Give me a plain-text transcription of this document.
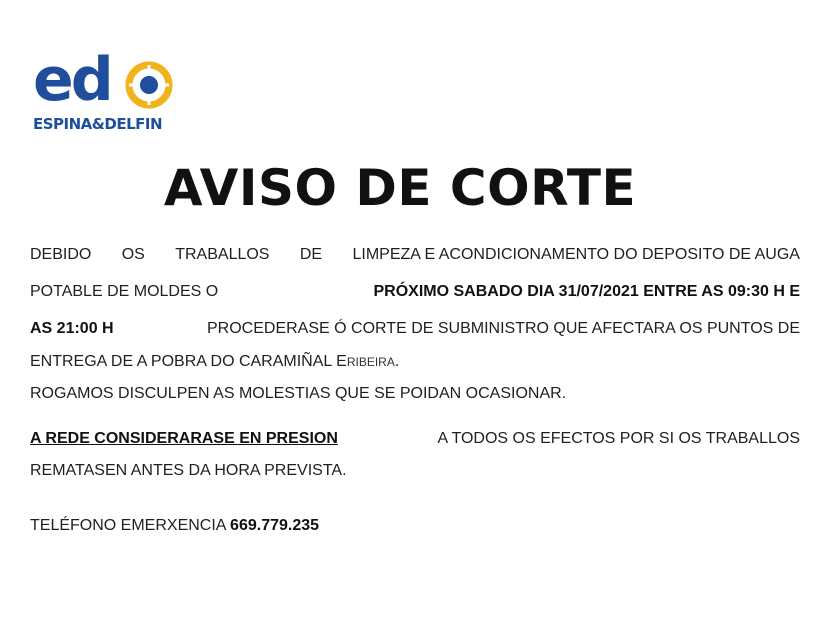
ed
ESPINA&DELFIN
AVISO DE CORTE
DEBIDO OS TRABALLOS DE LIMPEZA E ACONDICIONAMENTO DO DEPOSITO DE AUGA
POTABLE DE MOLDES O	PRÓXIMO SABADO DIA 31/07/2021 ENTRE AS 09:30 H E
AS 21:00 H	PROCEDERASE Ó CORTE DE SUBMINISTRO QUE AFECTARA OS PUNTOS DE
ENTREGA DE A POBRA DO CARAMIÑAL ERIBEIRA.
ROGAMOS DISCULPEN AS MOLESTIAS QUE SE POIDAN OCASIONAR.
A REDE CONSIDERARASE EN PRESION	A TODOS OS EFECTOS POR SI OS TRABALLOS
REMATASEN ANTES DA HORA PREVISTA.
TELÉFONO EMERXENCIA 669.779.235
